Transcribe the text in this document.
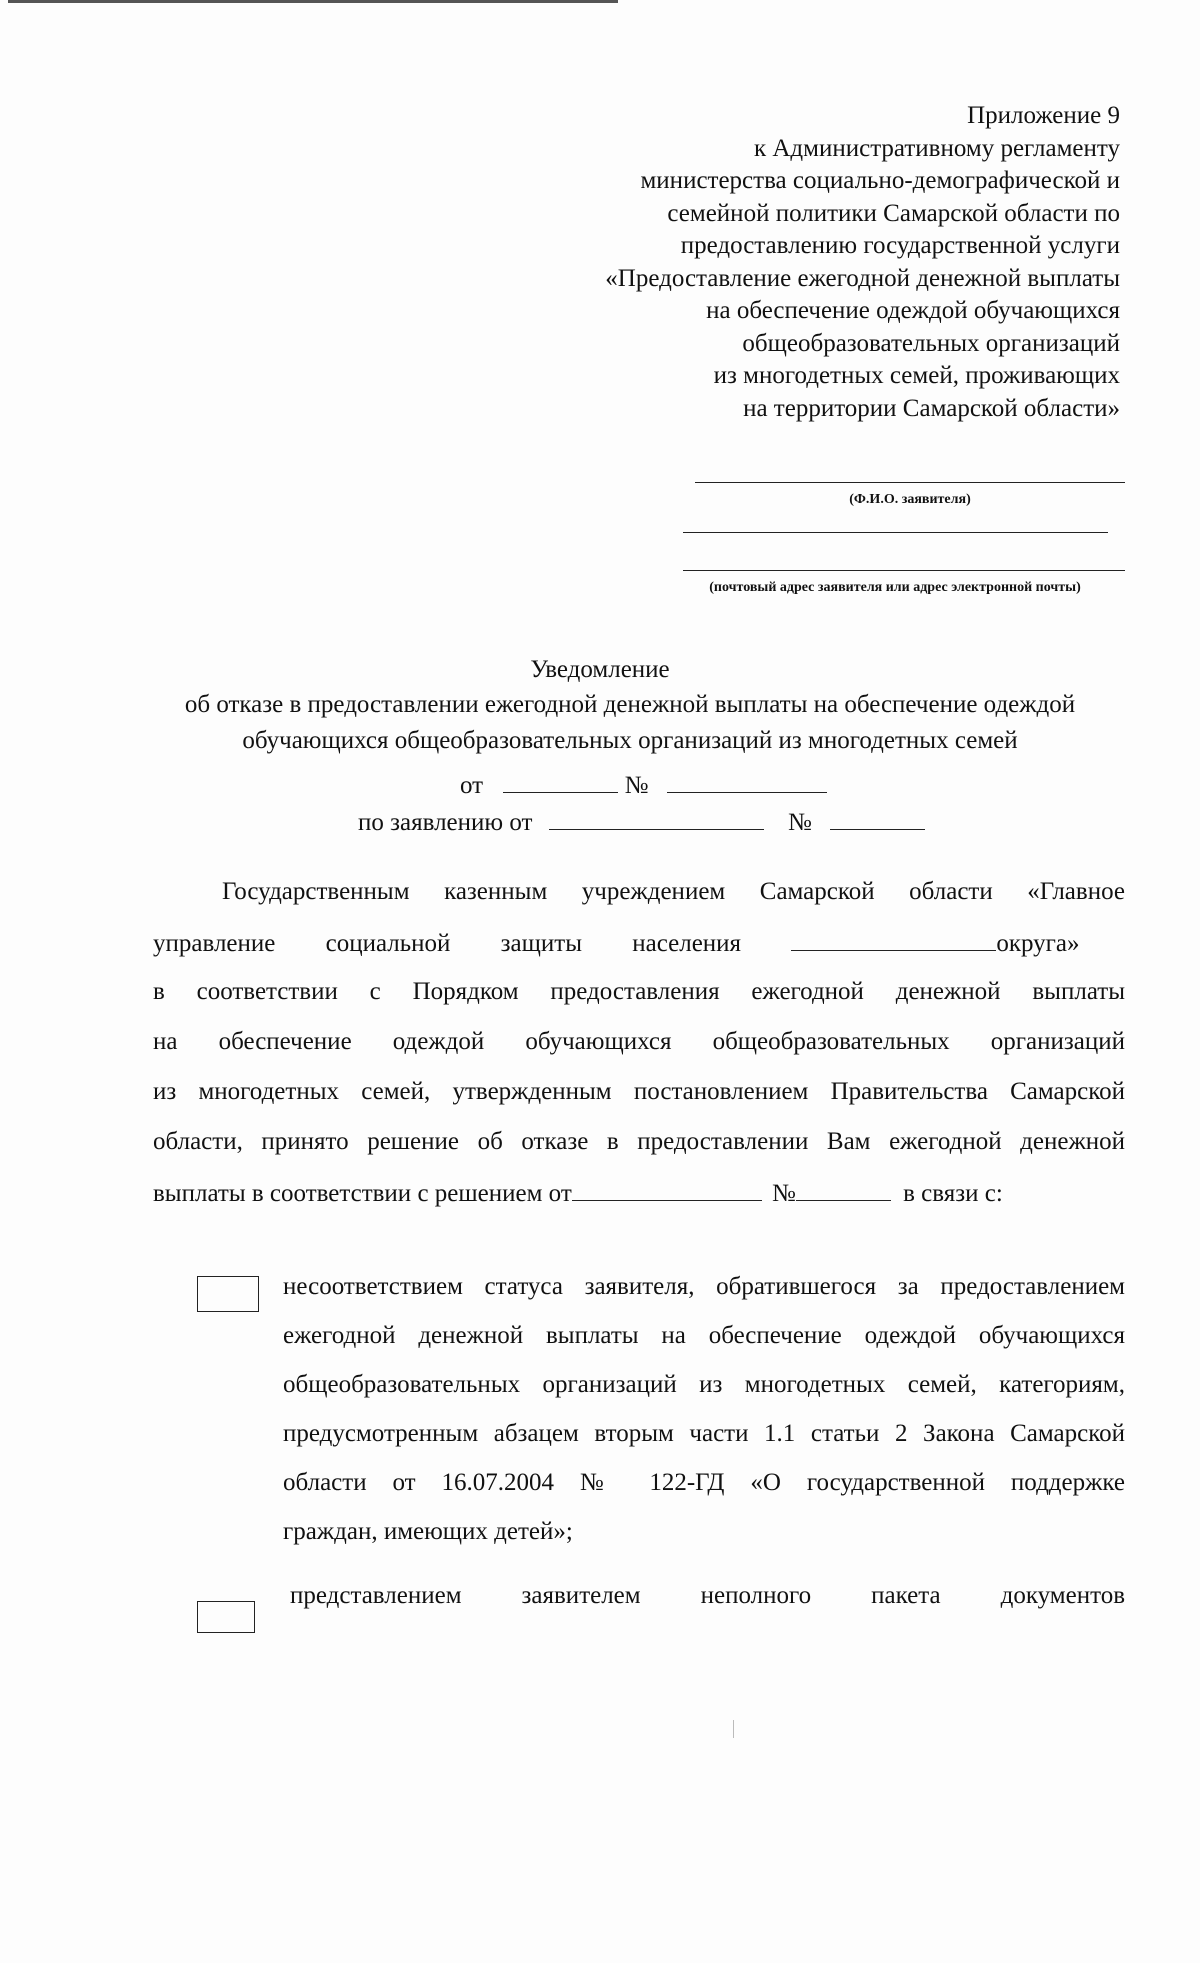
Приложение 9
к Административному регламенту
министерства социально-демографической и
семейной политики Самарской области по
предоставлению государственной услуги
«Предоставление ежегодной денежной выплаты
на обеспечение одеждой обучающихся
общеобразовательных организаций
из многодетных семей, проживающих
на территории Самарской области»
(Ф.И.О. заявителя)
(почтовый адрес заявителя или адрес электронной почты)
Уведомление
об отказе в предоставлении ежегодной денежной выплаты на обеспечение одеждой
обучающихся общеобразовательных организаций из многодетных семей
от	№
по заявлению от	№
Государственным казенным учреждением Самарской области «Главное
управление социальной защиты населения	округа»
в соответствии с Порядком предоставления ежегодной денежной выплаты
на обеспечение одеждой обучающихся общеобразовательных организаций
из многодетных семей, утвержденным постановлением Правительства Самарской
области, принято решение об отказе в предоставлении Вам ежегодной денежной
выплаты в соответствии с решением от	№	в связи с:
несоответствием статуса заявителя, обратившегося за предоставлением
ежегодной денежной выплаты на обеспечение одеждой обучающихся
общеобразовательных организаций из многодетных семей, категориям,
предусмотренным абзацем вторым части 1.1 статьи 2 Закона Самарской
области от 16.07.2004 № 122-ГД «О государственной поддержке
граждан, имеющих детей»;
представлением заявителем неполного пакета документов
